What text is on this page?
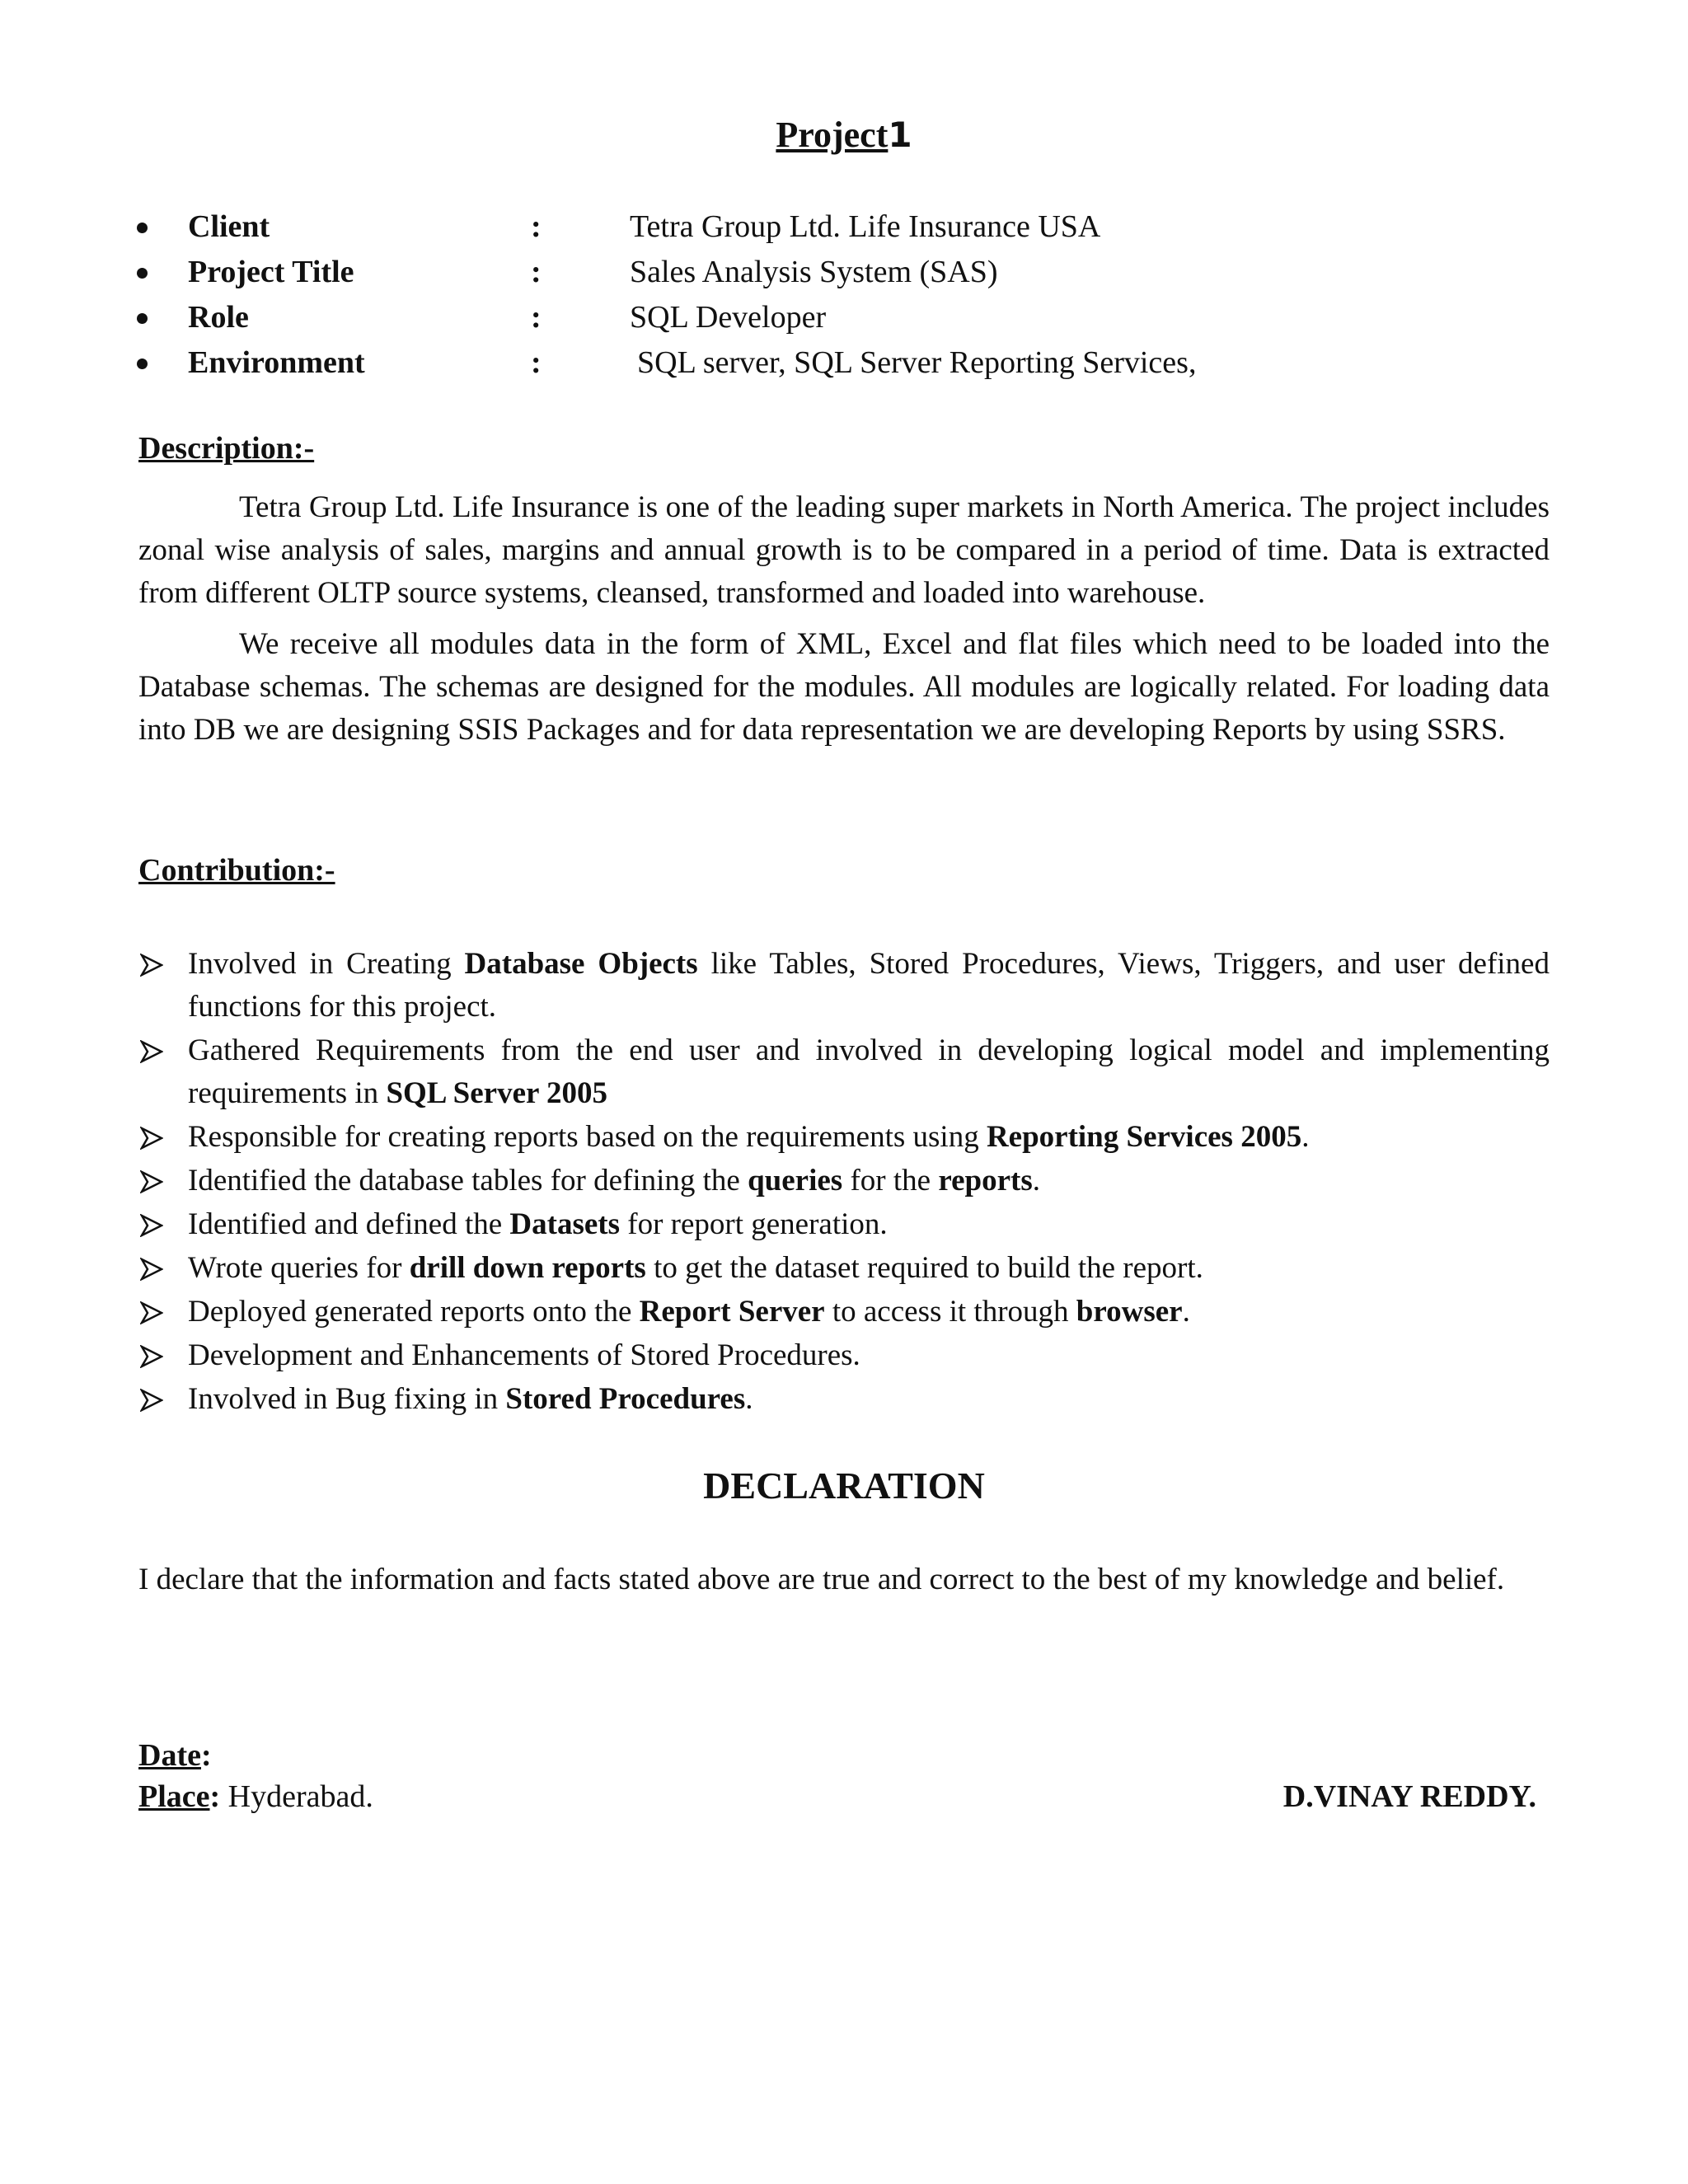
Project1
Client	:	Tetra Group Ltd. Life Insurance USA
Project Title	:	Sales Analysis System (SAS)
Role	:	SQL Developer
Environment	:	SQL server, SQL Server Reporting Services,
Description:-

Tetra Group Ltd. Life Insurance is one of the leading super markets in North America. The project includes zonal wise analysis of sales, margins and annual growth is to be compared in a period of time. Data is extracted from different OLTP source systems, cleansed, transformed and loaded into warehouse.

We receive all modules data in the form of XML, Excel and flat files which need to be loaded into the Database schemas. The schemas are designed for the modules. All modules are logically related. For loading data into DB we are designing SSIS Packages and for data representation we are developing Reports by using SSRS.

Contribution:-
Involved in Creating Database Objects like Tables, Stored Procedures, Views, Triggers, and user defined functions for this project.
Gathered Requirements from the end user and involved in developing logical model and implementing requirements in SQL Server 2005
Responsible for creating reports based on the requirements using Reporting Services 2005.
Identified the database tables for defining the queries for the reports.
Identified and defined the Datasets for report generation.
Wrote queries for drill down reports to get the dataset required to build the report.
Deployed generated reports onto the Report Server to access it through browser.
Development and Enhancements of Stored Procedures.
Involved in Bug fixing in Stored Procedures.
DECLARATION

I declare that the information and facts stated above are true and correct to the best of my knowledge and belief.

Date:
Place: Hyderabad.	D.VINAY REDDY.
